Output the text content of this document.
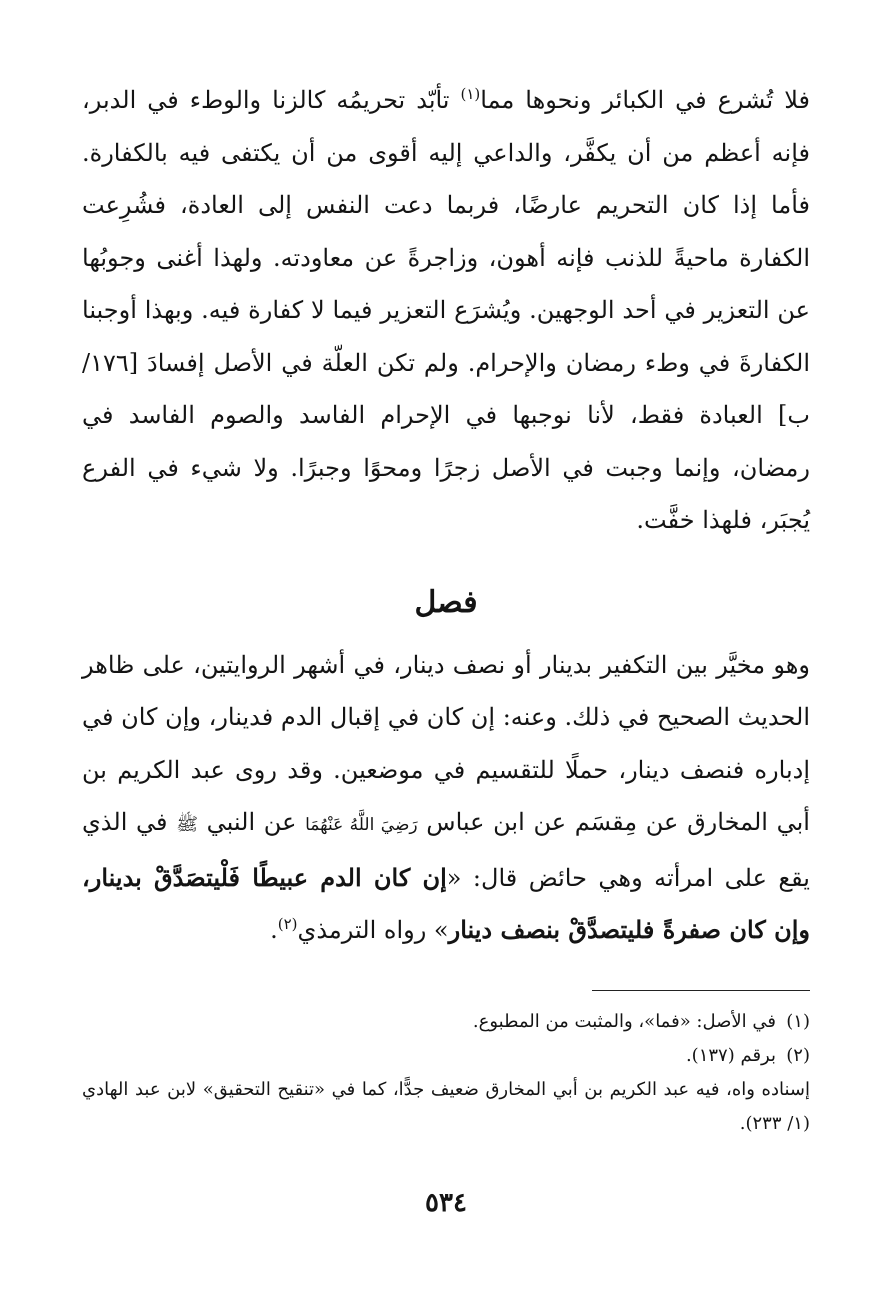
فلا تُشرع في الكبائر ونحوها مما$^{(١)}$ تأبّد تحريمُه كالزنا والوطء في الدبر، فإنه أعظم من أن يكفَّر، والداعي إليه أقوى من أن يكتفى فيه بالكفارة. فأما إذا كان التحريم عارضًا، فربما دعت النفس إلى العادة، فشُرِعت الكفارة ماحيةً للذنب فإنه أهون، وزاجرةً عن معاودته. ولهذا أغنى وجوبُها عن التعزير في أحد الوجهين. ويُشرَع التعزير فيما لا كفارة فيه. وبهذا أوجبنا الكفارةَ في وطء رمضان والإحرام. ولم تكن العلّة في الأصل إفسادَ [١٧٦/ب] العبادة فقط، لأنا نوجبها في الإحرام الفاسد والصوم الفاسد في رمضان، وإنما وجبت في الأصل زجرًا ومحوًا وجبرًا. ولا شيء في الفرع يُجبَر، فلهذا خفَّت.

فصل

وهو مخيَّر بين التكفير بدينار أو نصف دينار، في أشهر الروايتين، على ظاهر الحديث الصحيح في ذلك. وعنه: إن كان في إقبال الدم فدينار، وإن كان في إدباره فنصف دينار، حملًا للتقسيم في موضعين. وقد روى عبد الكريم بن أبي المخارق عن مِقسَم عن ابن عباس رَضِيَ اللَّهُ عَنْهُمَا عن النبي ﷺ في الذي يقع على امرأته وهي حائض قال: «إن كان الدم عبيطًا فَلْيتصَدَّقْ بدينار، وإن كان صفرةً فليتصدَّقْ بنصف دينار» رواه الترمذي$^{(٢)}$.

(١)في الأصل: «فما»، والمثبت من المطبوع.

(٢)برقم (١٣٧).

إسناده واه، فيه عبد الكريم بن أبي المخارق ضعيف جدًّا، كما في «تنقيح التحقيق» لابن عبد الهادي (١/ ٢٣٣).

٥٣٤
